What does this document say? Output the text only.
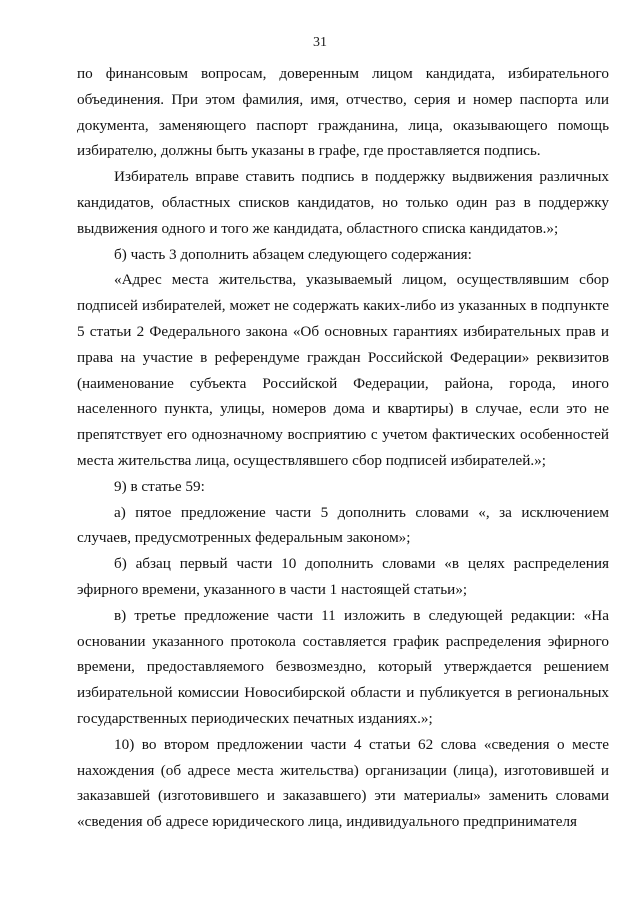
31

по финансовым вопросам, доверенным лицом кандидата, избирательного объединения. При этом фамилия, имя, отчество, серия и номер паспорта или документа, заменяющего паспорт гражданина, лица, оказывающего помощь избирателю, должны быть указаны в графе, где проставляется подпись.

Избиратель вправе ставить подпись в поддержку выдвижения различных кандидатов, областных списков кандидатов, но только один раз в поддержку выдвижения одного и того же кандидата, областного списка кандидатов.»;

б) часть 3 дополнить абзацем следующего содержания:

«Адрес места жительства, указываемый лицом, осуществлявшим сбор подписей избирателей, может не содержать каких-либо из указанных в подпункте 5 статьи 2 Федерального закона «Об основных гарантиях избирательных прав и права на участие в референдуме граждан Российской Федерации» реквизитов (наименование субъекта Российской Федерации, района, города, иного населенного пункта, улицы, номеров дома и квартиры) в случае, если это не препятствует его однозначному восприятию с учетом фактических особенностей места жительства лица, осуществлявшего сбор подписей избирателей.»;

9) в статье 59:

а) пятое предложение части 5 дополнить словами «, за исключением случаев, предусмотренных федеральным законом»;

б) абзац первый части 10 дополнить словами «в целях распределения эфирного времени, указанного в части 1 настоящей статьи»;

в) третье предложение части 11 изложить в следующей редакции: «На основании указанного протокола составляется график распределения эфирного времени, предоставляемого безвозмездно, который утверждается решением избирательной комиссии Новосибирской области и публикуется в региональных государственных периодических печатных изданиях.»;

10) во втором предложении части 4 статьи 62 слова «сведения о месте нахождения (об адресе места жительства) организации (лица), изготовившей и заказавшей (изготовившего и заказавшего) эти материалы» заменить словами «сведения об адресе юридического лица, индивидуального предпринимателя
